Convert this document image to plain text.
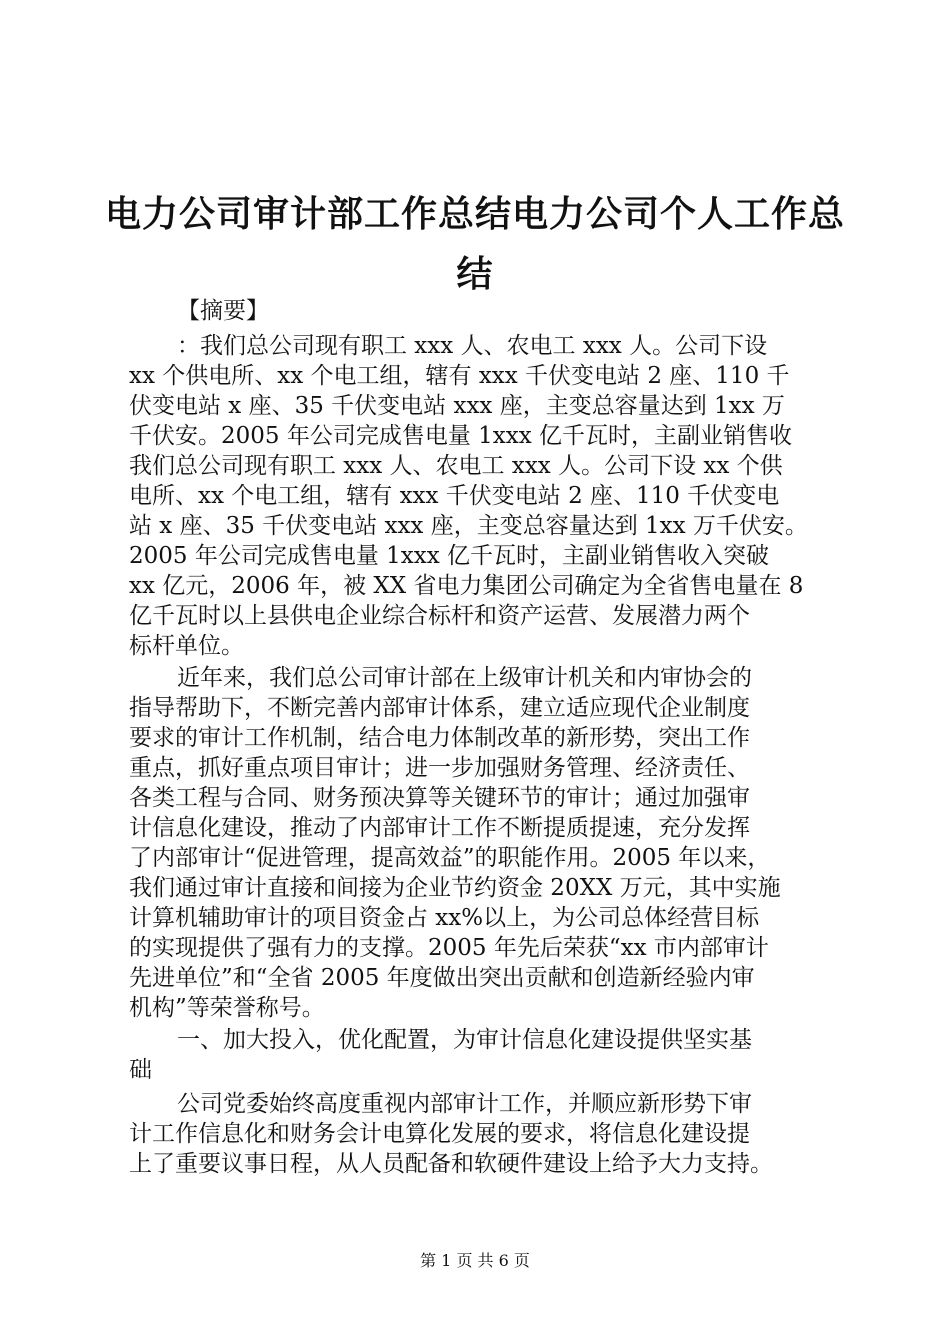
电力公司审计部工作总结电力公司个人工作总
结
【摘要】
：我们总公司现有职工 xxx 人、农电工 xxx 人。公司下设
xx 个供电所、xx 个电工组，辖有 xxx 千伏变电站 2 座、110 千
伏变电站 x 座、35 千伏变电站 xxx 座，主变总容量达到 1xx 万
千伏安。2005 年公司完成售电量 1xxx 亿千瓦时，主副业销售收
我们总公司现有职工 xxx 人、农电工 xxx 人。公司下设 xx 个供
电所、xx 个电工组，辖有 xxx 千伏变电站 2 座、110 千伏变电
站 x 座、35 千伏变电站 xxx 座，主变总容量达到 1xx 万千伏安。
2005 年公司完成售电量 1xxx 亿千瓦时，主副业销售收入突破
xx 亿元，2006 年，被 XX 省电力集团公司确定为全省售电量在 8
亿千瓦时以上县供电企业综合标杆和资产运营、发展潜力两个
标杆单位。
近年来，我们总公司审计部在上级审计机关和内审协会的
指导帮助下，不断完善内部审计体系，建立适应现代企业制度
要求的审计工作机制，结合电力体制改革的新形势，突出工作
重点，抓好重点项目审计；进一步加强财务管理、经济责任、
各类工程与合同、财务预决算等关键环节的审计；通过加强审
计信息化建设，推动了内部审计工作不断提质提速，充分发挥
了内部审计“促进管理，提高效益”的职能作用。2005 年以来，
我们通过审计直接和间接为企业节约资金 20XX 万元，其中实施
计算机辅助审计的项目资金占 xx%以上，为公司总体经营目标
的实现提供了强有力的支撑。2005 年先后荣获“xx 市内部审计
先进单位”和“全省 2005 年度做出突出贡献和创造新经验内审
机构”等荣誉称号。
一、加大投入，优化配置，为审计信息化建设提供坚实基
础
公司党委始终高度重视内部审计工作，并顺应新形势下审
计工作信息化和财务会计电算化发展的要求，将信息化建设提
上了重要议事日程，从人员配备和软硬件建设上给予大力支持。
第 1 页 共 6 页
